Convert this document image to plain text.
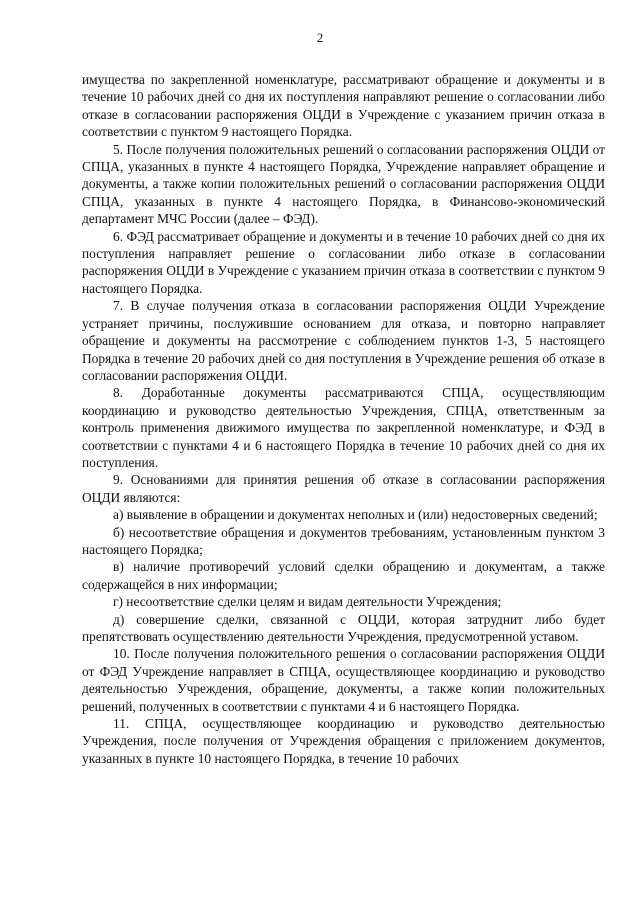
2

имущества по закрепленной номенклатуре, рассматривают обращение и документы и в течение 10 рабочих дней со дня их поступления направляют решение о согласовании либо отказе в согласовании распоряжения ОЦДИ в Учреждение с указанием причин отказа в соответствии с пунктом 9 настоящего Порядка.

5. После получения положительных решений о согласовании распоряжения ОЦДИ от СПЦА, указанных в пункте 4 настоящего Порядка, Учреждение направляет обращение и документы, а также копии положительных решений о согласовании распоряжения ОЦДИ СПЦА, указанных в пункте 4 настоящего Порядка, в Финансово-экономический департамент МЧС России (далее – ФЭД).

6. ФЭД рассматривает обращение и документы и в течение 10 рабочих дней со дня их поступления направляет решение о согласовании либо отказе в согласовании распоряжения ОЦДИ в Учреждение с указанием причин отказа в соответствии с пунктом 9 настоящего Порядка.

7. В случае получения отказа в согласовании распоряжения ОЦДИ Учреждение устраняет причины, послужившие основанием для отказа, и повторно направляет обращение и документы на рассмотрение с соблюдением пунктов 1-3, 5 настоящего Порядка в течение 20 рабочих дней со дня поступления в Учреждение решения об отказе в согласовании распоряжения ОЦДИ.

8. Доработанные документы рассматриваются СПЦА, осуществляющим координацию и руководство деятельностью Учреждения, СПЦА, ответственным за контроль применения движимого имущества по закрепленной номенклатуре, и ФЭД в соответствии с пунктами 4 и 6 настоящего Порядка в течение 10 рабочих дней со дня их поступления.

9. Основаниями для принятия решения об отказе в согласовании распоряжения ОЦДИ являются:

а) выявление в обращении и документах неполных и (или) недостоверных сведений;

б) несоответствие обращения и документов требованиям, установленным пунктом 3 настоящего Порядка;

в) наличие противоречий условий сделки обращению и документам, а также содержащейся в них информации;

г) несоответствие сделки целям и видам деятельности Учреждения;

д) совершение сделки, связанной с ОЦДИ, которая затруднит либо будет препятствовать осуществлению деятельности Учреждения, предусмотренной уставом.

10. После получения положительного решения о согласовании распоряжения ОЦДИ от ФЭД Учреждение направляет в СПЦА, осуществляющее координацию и руководство деятельностью Учреждения, обращение, документы, а также копии положительных решений, полученных в соответствии с пунктами 4 и 6 настоящего Порядка.

11. СПЦА, осуществляющее координацию и руководство деятельностью Учреждения, после получения от Учреждения обращения с приложением документов, указанных в пункте 10 настоящего Порядка, в течение 10 рабочих
